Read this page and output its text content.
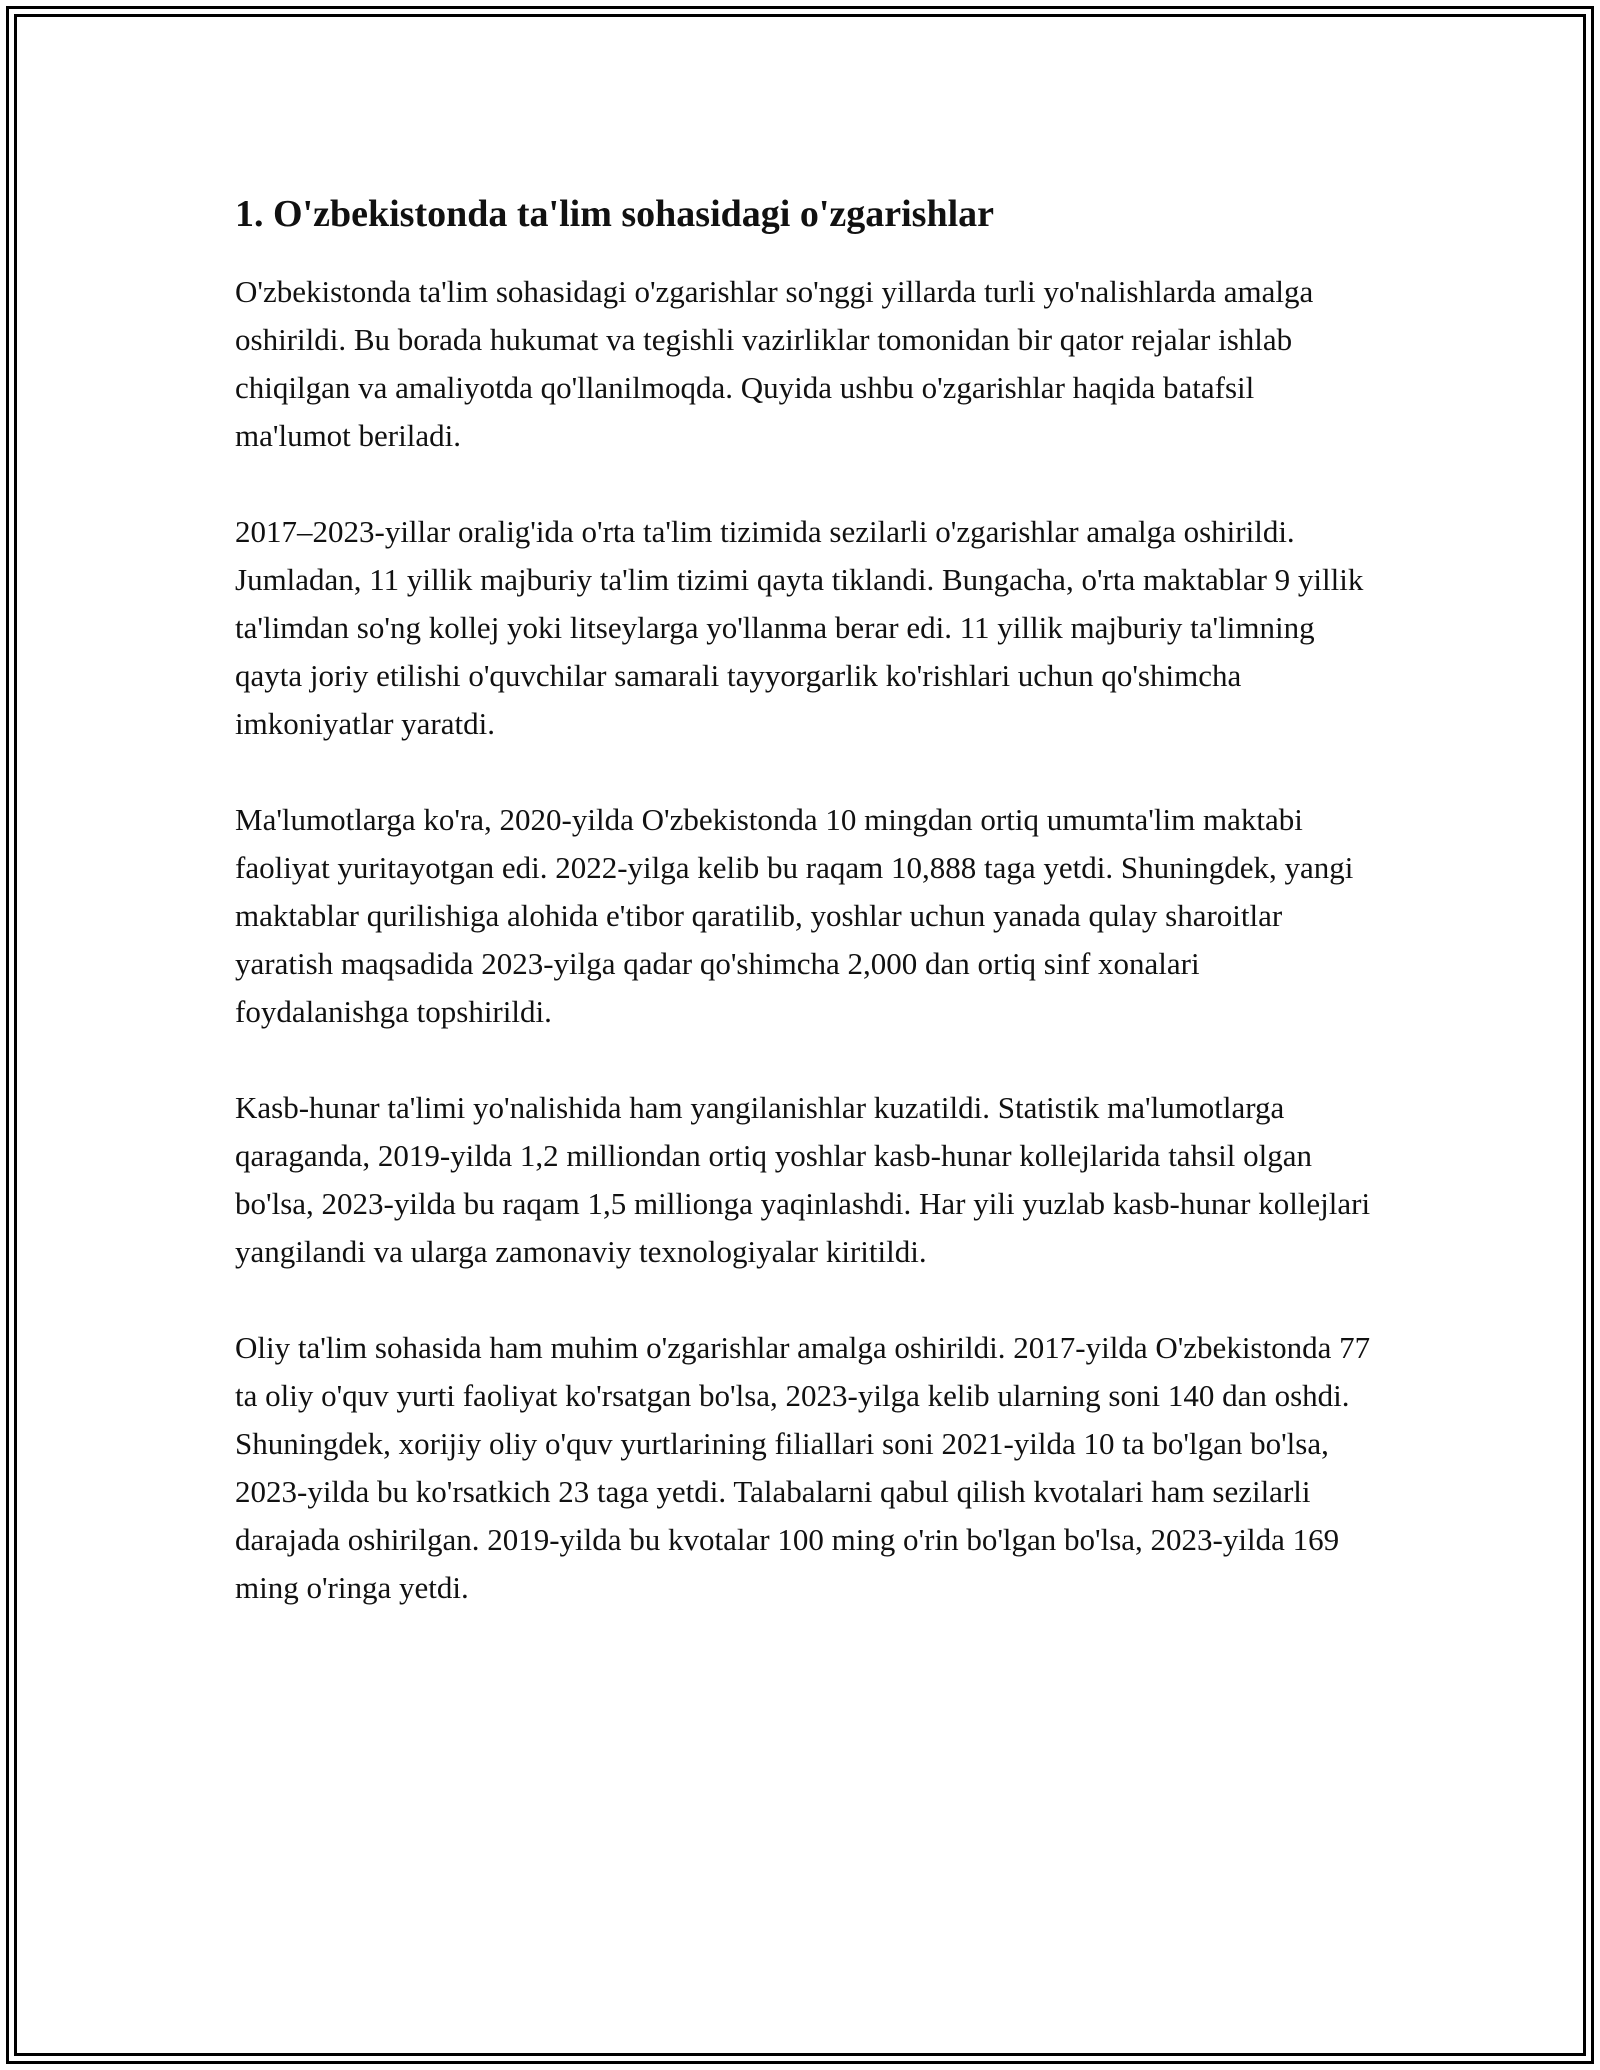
1. O'zbekistonda ta'lim sohasidagi o'zgarishlar

O'zbekistonda ta'lim sohasidagi o'zgarishlar so'nggi yillarda turli yo'nalishlarda amalga oshirildi. Bu borada hukumat va tegishli vazirliklar tomonidan bir qator rejalar ishlab chiqilgan va amaliyotda qo'llanilmoqda. Quyida ushbu o'zgarishlar haqida batafsil ma'lumot beriladi.

2017–2023-yillar oralig'ida o'rta ta'lim tizimida sezilarli o'zgarishlar amalga oshirildi. Jumladan, 11 yillik majburiy ta'lim tizimi qayta tiklandi. Bungacha, o'rta maktablar 9 yillik ta'limdan so'ng kollej yoki litseylarga yo'llanma berar edi. 11 yillik majburiy ta'limning qayta joriy etilishi o'quvchilar samarali tayyorgarlik ko'rishlari uchun qo'shimcha imkoniyatlar yaratdi.

Ma'lumotlarga ko'ra, 2020-yilda O'zbekistonda 10 mingdan ortiq umumta'lim maktabi faoliyat yuritayotgan edi. 2022-yilga kelib bu raqam 10,888 taga yetdi. Shuningdek, yangi maktablar qurilishiga alohida e'tibor qaratilib, yoshlar uchun yanada qulay sharoitlar yaratish maqsadida 2023-yilga qadar qo'shimcha 2,000 dan ortiq sinf xonalari foydalanishga topshirildi.

Kasb-hunar ta'limi yo'nalishida ham yangilanishlar kuzatildi. Statistik ma'lumotlarga qaraganda, 2019-yilda 1,2 milliondan ortiq yoshlar kasb-hunar kollejlarida tahsil olgan bo'lsa, 2023-yilda bu raqam 1,5 millionga yaqinlashdi. Har yili yuzlab kasb-hunar kollejlari yangilandi va ularga zamonaviy texnologiyalar kiritildi.

Oliy ta'lim sohasida ham muhim o'zgarishlar amalga oshirildi. 2017-yilda O'zbekistonda 77 ta oliy o'quv yurti faoliyat ko'rsatgan bo'lsa, 2023-yilga kelib ularning soni 140 dan oshdi. Shuningdek, xorijiy oliy o'quv yurtlarining filiallari soni 2021-yilda 10 ta bo'lgan bo'lsa, 2023-yilda bu ko'rsatkich 23 taga yetdi. Talabalarni qabul qilish kvotalari ham sezilarli darajada oshirilgan. 2019-yilda bu kvotalar 100 ming o'rin bo'lgan bo'lsa, 2023-yilda 169 ming o'ringa yetdi.
